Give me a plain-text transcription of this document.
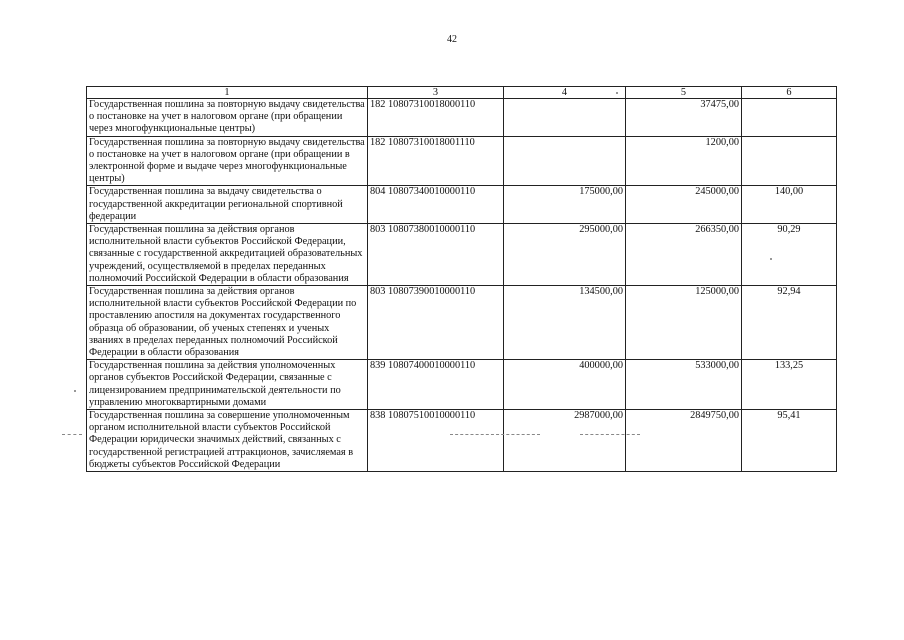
42
1	3	4	5	6
Государственная пошлина за повторную выдачу свидетельства о постановке на учет в налоговом органе (при обращении через многофункциональные центры)	182 10807310018000110		37475,00	
Государственная пошлина за повторную выдачу свидетельства о постановке на учет в налоговом органе (при обращении в электронной форме и выдаче через многофункциональные центры)	182 10807310018001110		1200,00	
Государственная пошлина за выдачу свидетельства о государственной аккредитации региональной спортивной федерации	804 10807340010000110	175000,00	245000,00	140,00
Государственная пошлина за действия органов исполнительной власти субъектов Российской Федерации, связанные с государственной аккредитацией образовательных учреждений, осуществляемой в пределах переданных полномочий Российской Федерации в области образования	803 10807380010000110	295000,00	266350,00	90,29
Государственная пошлина за действия органов исполнительной власти субъектов Российской Федерации по проставлению апостиля на документах государственного образца об образовании, об ученых степенях и ученых званиях в пределах переданных полномочий Российской Федерации в области образования	803 10807390010000110	134500,00	125000,00	92,94
Государственная пошлина за действия уполномоченных органов субъектов Российской Федерации, связанные с лицензированием предпринимательской деятельности по управлению многоквартирными домами	839 10807400010000110	400000,00	533000,00	133,25
Государственная пошлина за совершение уполномоченным органом исполнительной власти субъектов Российской Федерации юридически значимых действий, связанных с государственной регистрацией аттракционов, зачисляемая в бюджеты субъектов Российской Федерации	838 10807510010000110	2987000,00	2849750,00	95,41
